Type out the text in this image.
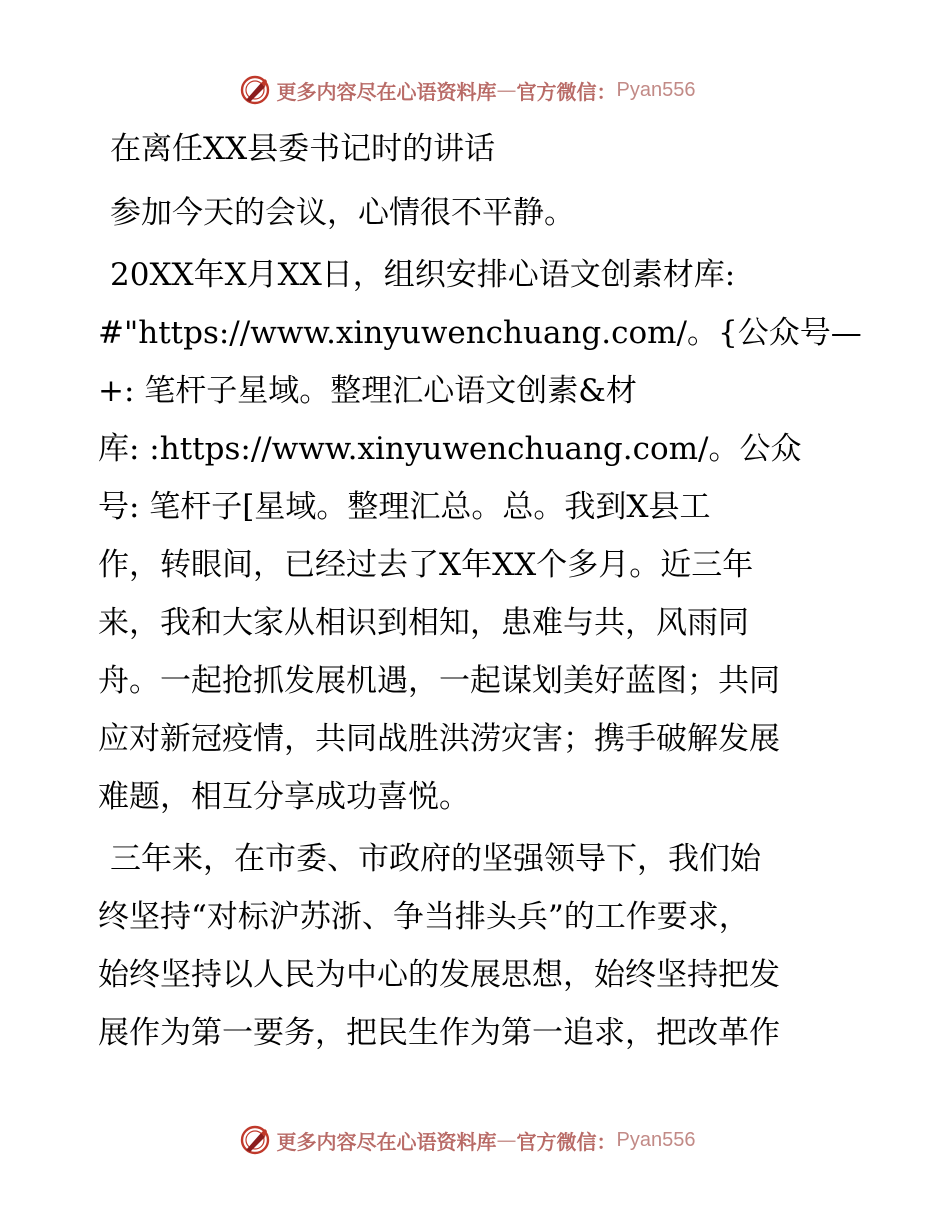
更多内容尽在心语资料库 — 官方微信： Pyan556
在离任XX县委书记时的讲话
参加今天的会议，心情很不平静。
20XX年X月XX日，组织安排心语文创素材库:
#"https://www.xinyuwenchuang.com/。{公众号—
+: 笔杆子星域。整理汇心语文创素&材
库: :https://www.xinyuwenchuang.com/。公众
号: 笔杆子[星域。整理汇总。总。我到X县工
作，转眼间，已经过去了X年XX个多月。近三年
来，我和大家从相识到相知，患难与共，风雨同
舟。一起抢抓发展机遇，一起谋划美好蓝图；共同
应对新冠疫情，共同战胜洪涝灾害；携手破解发展
难题，相互分享成功喜悦。
三年来，在市委、市政府的坚强领导下，我们始
终坚持“对标沪苏浙、争当排头兵”的工作要求，
始终坚持以人民为中心的发展思想，始终坚持把发
展作为第一要务，把民生作为第一追求，把改革作
更多内容尽在心语资料库 — 官方微信： Pyan556
